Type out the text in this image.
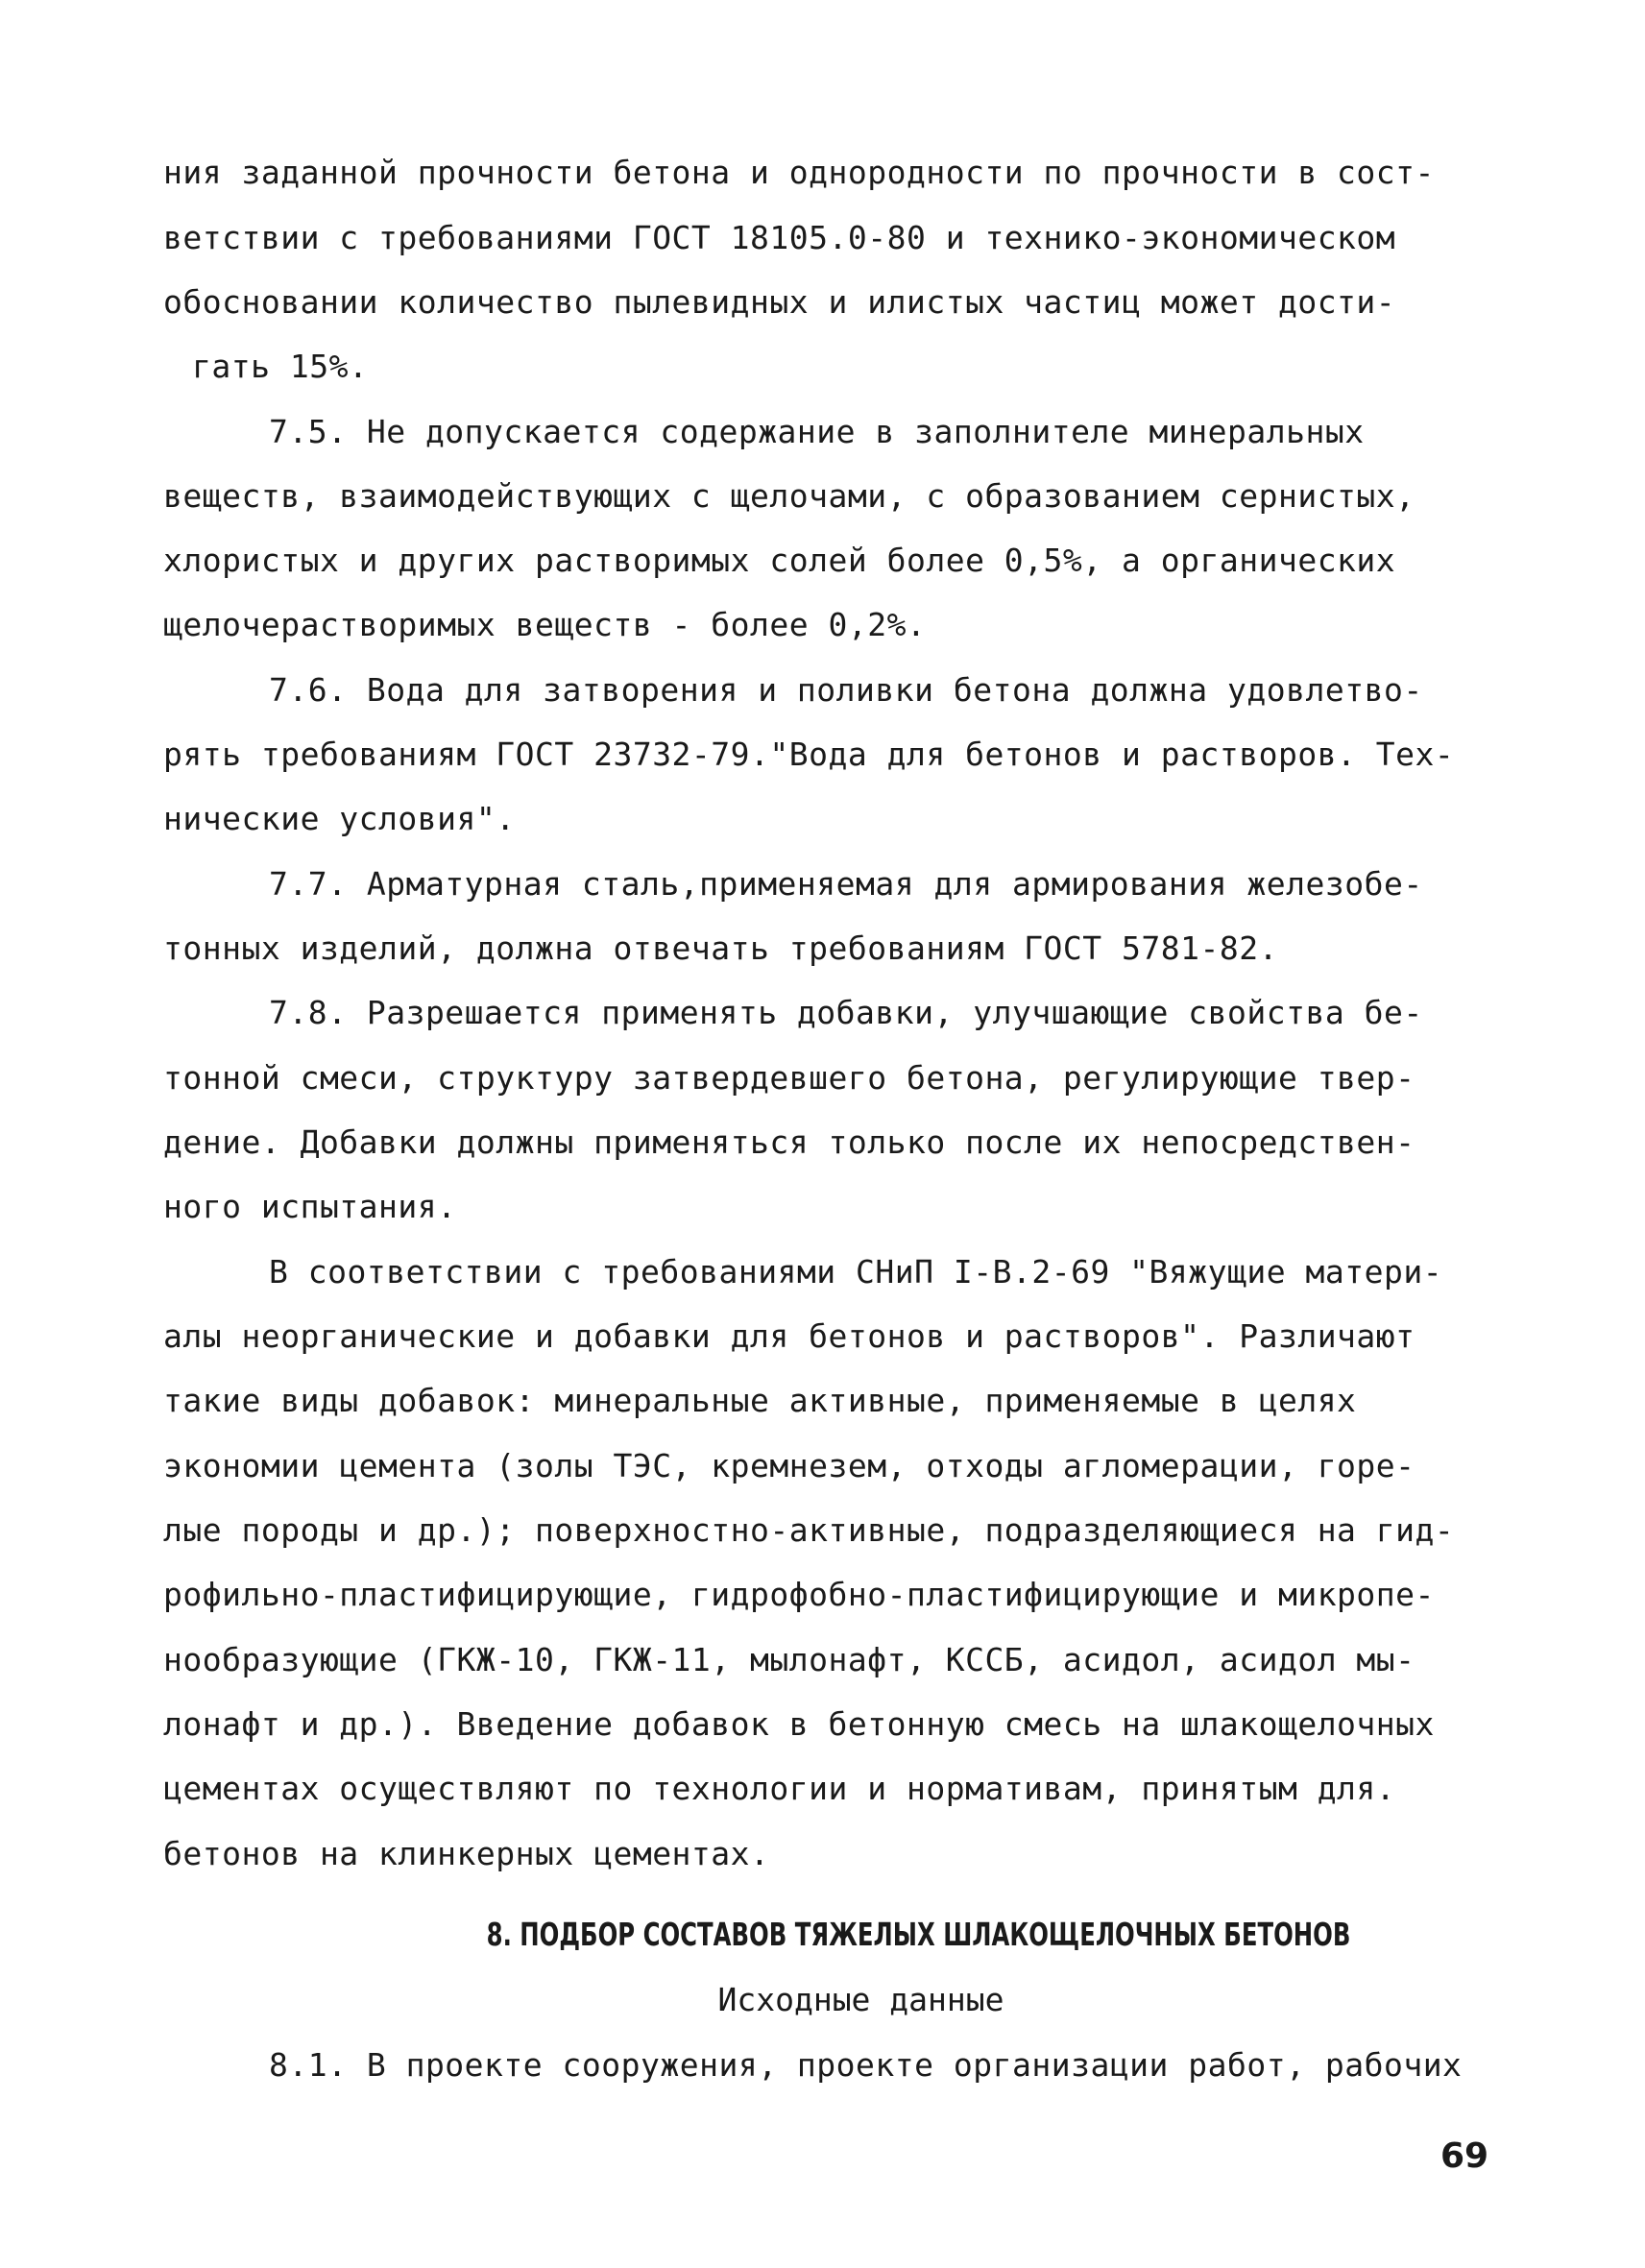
ния заданной прочности бетона и однородности по прочности в сост-
ветствии с требованиями ГОСТ 18105.0-80 и технико-экономическом
обосновании количество пылевидных и илистых частиц может дости-
гать 15%.
7.5. Не допускается содержание в заполнителе минеральных
веществ, взаимодействующих с щелочами, с образованием сернистых,
хлористых и других растворимых солей более 0,5%, а органических
щелочерастворимых веществ - более 0,2%.
7.6. Вода для затворения и поливки бетона должна удовлетво-
рять требованиям ГОСТ 23732-79."Вода для бетонов и растворов. Тех-
нические условия".
7.7. Арматурная сталь,применяемая для армирования железобе-
тонных изделий, должна отвечать требованиям ГОСТ 5781-82.
7.8. Разрешается применять добавки, улучшающие свойства бе-
тонной смеси, структуру затвердевшего бетона, регулирующие твер-
дение. Добавки должны применяться только после их непосредствен-
ного испытания.
В соответствии с требованиями СНиП I-В.2-69 "Вяжущие матери-
алы неорганические и добавки для бетонов и растворов". Различают
такие виды добавок: минеральные активные, применяемые в целях
экономии цемента (золы ТЭС, кремнезем, отходы агломерации, горе-
лые породы и др.); поверхностно-активные, подразделяющиеся на гид-
рофильно-пластифицирующие, гидрофобно-пластифицирующие и микропе-
нообразующие (ГКЖ-10, ГКЖ-11, мылонафт, КССБ, асидол, асидол мы-
лонафт и др.). Введение добавок в бетонную смесь на шлакощелочных
цементах осуществляют по технологии и нормативам, принятым для.
бетонов на клинкерных цементах.
8. ПОДБОР СОСТАВОВ ТЯЖЕЛЫХ ШЛАКОЩЕЛОЧНЫХ БЕТОНОВ
Исходные данные
8.1. В проекте сооружения, проекте организации работ, рабочих
69
